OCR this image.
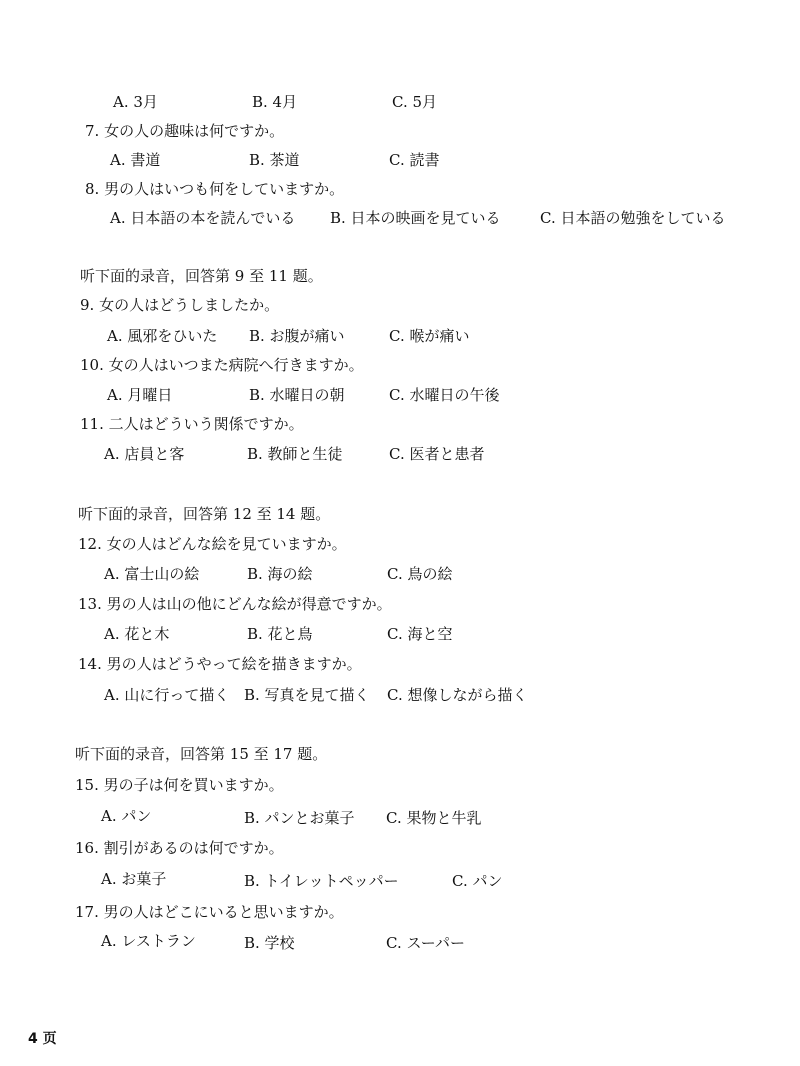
A. 3月	B. 4月	C. 5月
7. 女の人の趣味は何ですか。
A. 書道	B. 茶道	C. 読書
8. 男の人はいつも何をしていますか。
A. 日本語の本を読んでいる B. 日本の映画を見ている	C. 日本語の勉強をしている
听下面的录音，回答第 9 至 11 题。
9. 女の人はどうしましたか。
A. 風邪をひいた B. お腹が痛い	C. 喉が痛い
10. 女の人はいつまた病院へ行きますか。
A. 月曜日	B. 水曜日の朝	C. 水曜日の午後
11. 二人はどういう関係ですか。
A. 店員と客	B. 教師と生徒	C. 医者と患者
听下面的录音，回答第 12 至 14 题。
12. 女の人はどんな絵を見ていますか。
A. 富士山の絵	B. 海の絵	C. 鳥の絵
13. 男の人は山の他にどんな絵が得意ですか。
A. 花と木	B. 花と鳥	C. 海と空
14. 男の人はどうやって絵を描きますか。
A. 山に行って描く B. 写真を見て描く C. 想像しながら描く
听下面的录音，回答第 15 至 17 题。
15. 男の子は何を買いますか。
A. パン	B. パンとお菓子 C. 果物と牛乳
16. 割引があるのは何ですか。
A. お菓子	B. トイレットペッパー	C. パン
17. 男の人はどこにいると思いますか。
A. レストラン	B. 学校	C. スーパー
4 页
